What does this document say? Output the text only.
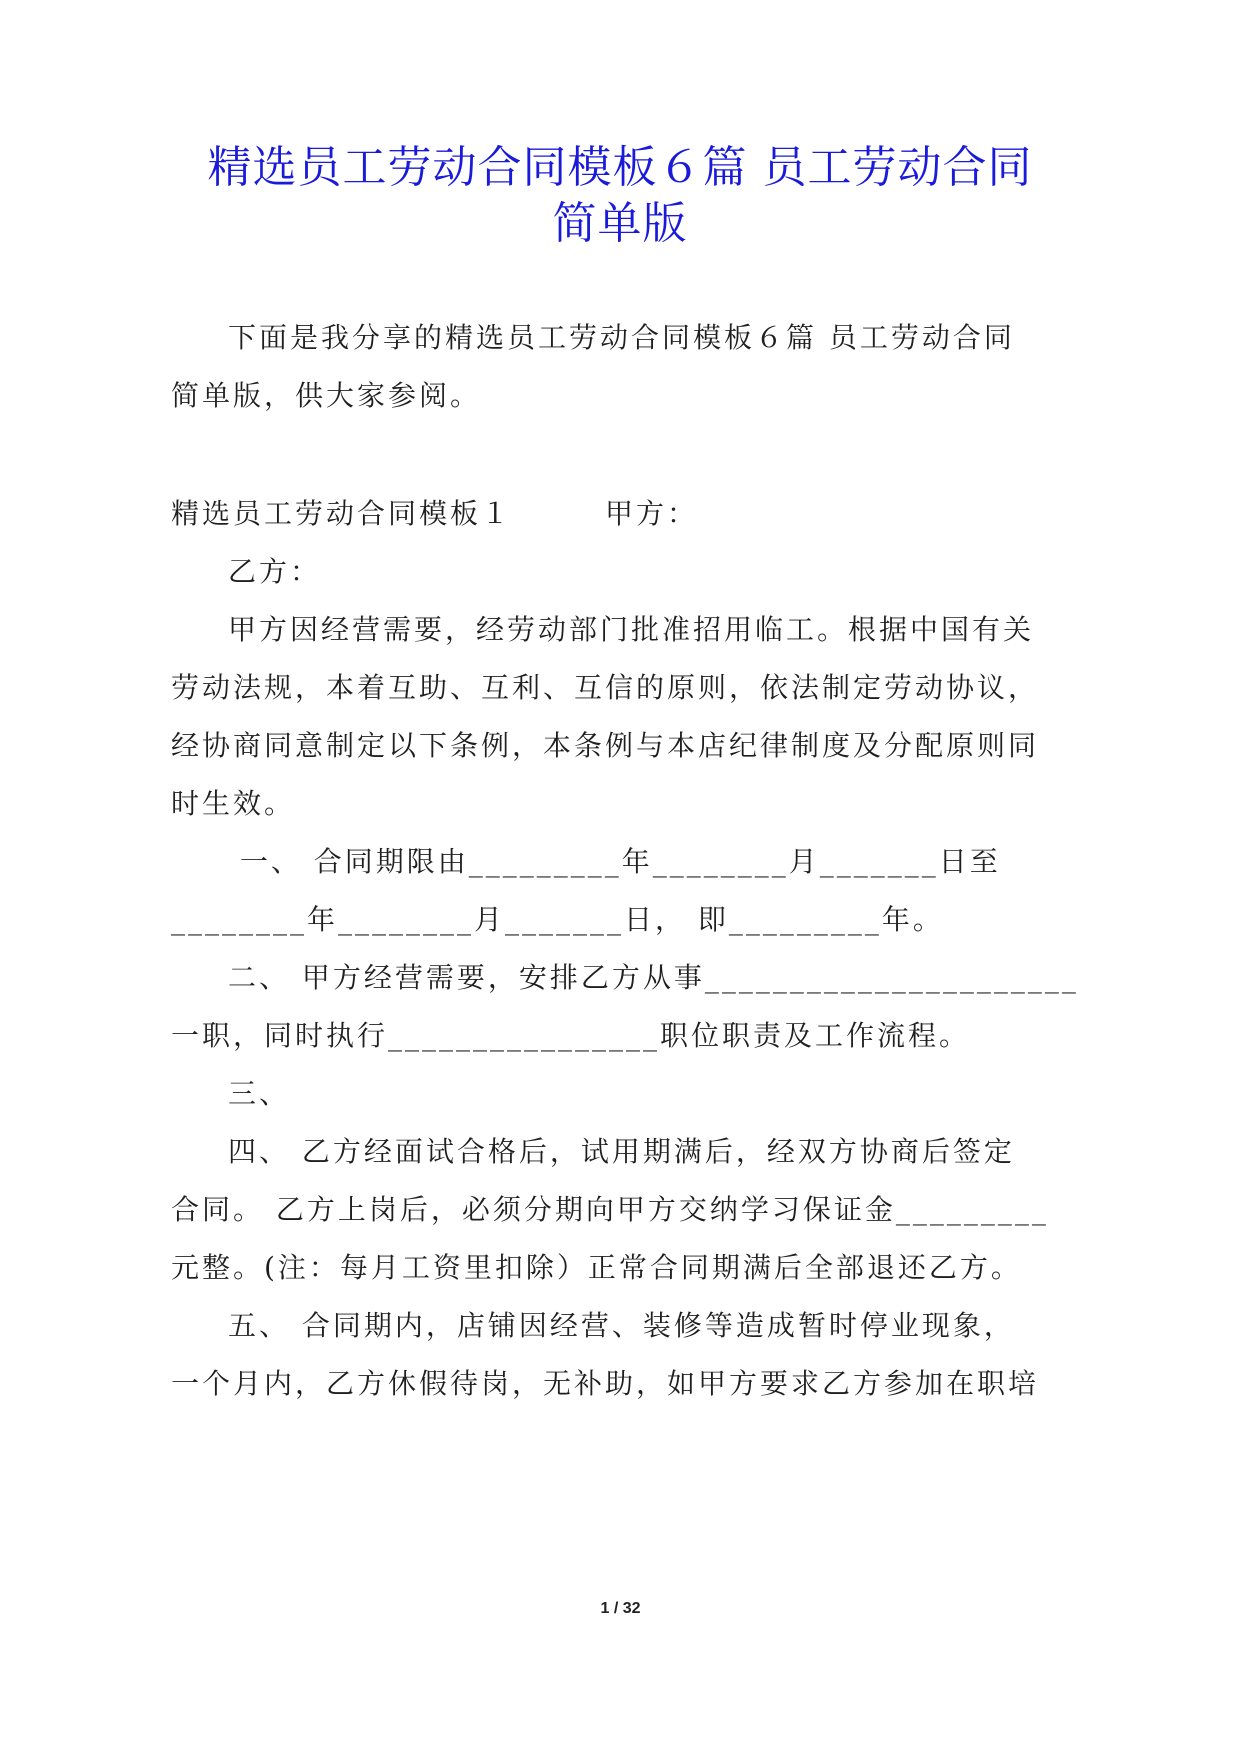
精选员工劳动合同模板６篇 员工劳动合同
简单版
下面是我分享的精选员工劳动合同模板６篇 员工劳动合同
简单版，供大家参阅。
精选员工劳动合同模板１　　　甲方：
乙方：
甲方因经营需要，经劳动部门批准招用临工。根据中国有关
劳动法规，本着互助、互利、互信的原则，依法制定劳动协议，
经协商同意制定以下条例，本条例与本店纪律制度及分配原则同
时生效。
一、 合同期限由_________年________月_______日至
________年________月_______日， 即_________年。
二、 甲方经营需要，安排乙方从事______________________
一职，同时执行________________职位职责及工作流程。
三、
四、 乙方经面试合格后，试用期满后，经双方协商后签定
合同。 乙方上岗后，必须分期向甲方交纳学习保证金_________
元整。(注：每月工资里扣除）正常合同期满后全部退还乙方。
五、 合同期内，店铺因经营、装修等造成暂时停业现象，
一个月内，乙方休假待岗，无补助，如甲方要求乙方参加在职培
1 / 32
